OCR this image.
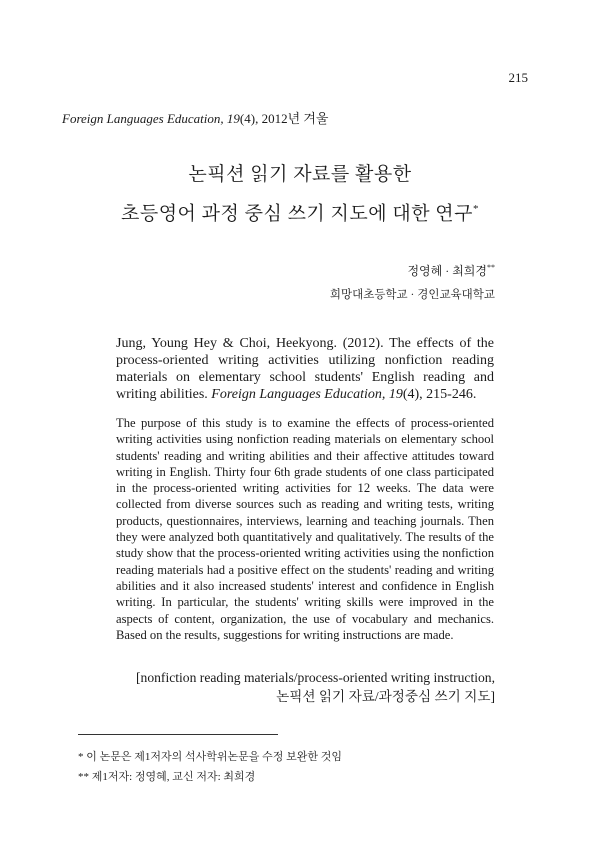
215
Foreign Languages Education, 19(4), 2012년 겨울
논픽션 읽기 자료를 활용한
초등영어 과정 중심 쓰기 지도에 대한 연구*
정영혜 · 최희경**
희망대초등학교 · 경인교육대학교
Jung, Young Hey & Choi, Heekyong. (2012). The effects of the process-oriented writing activities utilizing nonfiction reading materials on elementary school students' English reading and writing abilities. Foreign Languages Education, 19(4), 215-246.
The purpose of this study is to examine the effects of process-oriented writing activities using nonfiction reading materials on elementary school students' reading and writing abilities and their affective attitudes toward writing in English. Thirty four 6th grade students of one class participated in the process-oriented writing activities for 12 weeks. The data were collected from diverse sources such as reading and writing tests, writing products, questionnaires, interviews, learning and teaching journals. Then they were analyzed both quantitatively and qualitatively. The results of the study show that the process-oriented writing activities using the nonfiction reading materials had a positive effect on the students' reading and writing abilities and it also increased students' interest and confidence in English writing. In particular, the students' writing skills were improved in the aspects of content, organization, the use of vocabulary and mechanics. Based on the results, suggestions for writing instructions are made.
[nonfiction reading materials/process-oriented writing instruction,
논픽션 읽기 자료/과정중심 쓰기 지도]
* 이 논문은 제1저자의 석사학위논문을 수정 보완한 것임
** 제1저자: 정영혜, 교신 저자: 최희경
